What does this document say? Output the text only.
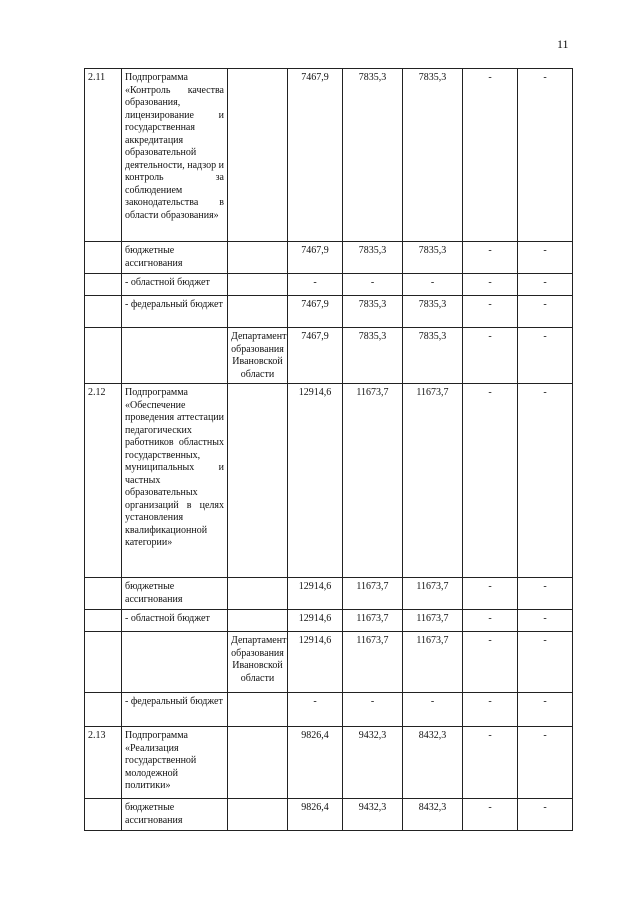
11
2.11	Подпрограмма «Контроль качества образования, лицензирование и государственная аккредитация образовательной деятельности, надзор и контроль за соблюдением законодательства в области образования»		7467,9	7835,3	7835,3	-	-
	бюджетные ассигнования		7467,9	7835,3	7835,3	-	-
	- областной бюджет		-	-	-	-	-
	- федеральный бюджет		7467,9	7835,3	7835,3	-	-
		Департамент образования Ивановской области	7467,9	7835,3	7835,3	-	-
2.12	Подпрограмма «Обеспечение проведения аттестации педагогических работников областных государственных, муниципальных и частных образовательных организаций в целях установления квалификационной категории»		12914,6	11673,7	11673,7	-	-
	бюджетные ассигнования		12914,6	11673,7	11673,7	-	-
	- областной бюджет		12914,6	11673,7	11673,7	-	-
		Департамент образования Ивановской области	12914,6	11673,7	11673,7	-	-
	- федеральный бюджет		-	-	-	-	-
2.13	Подпрограмма «Реализация государственной молодежной политики»		9826,4	9432,3	8432,3	-	-
	бюджетные ассигнования		9826,4	9432,3	8432,3	-	-
